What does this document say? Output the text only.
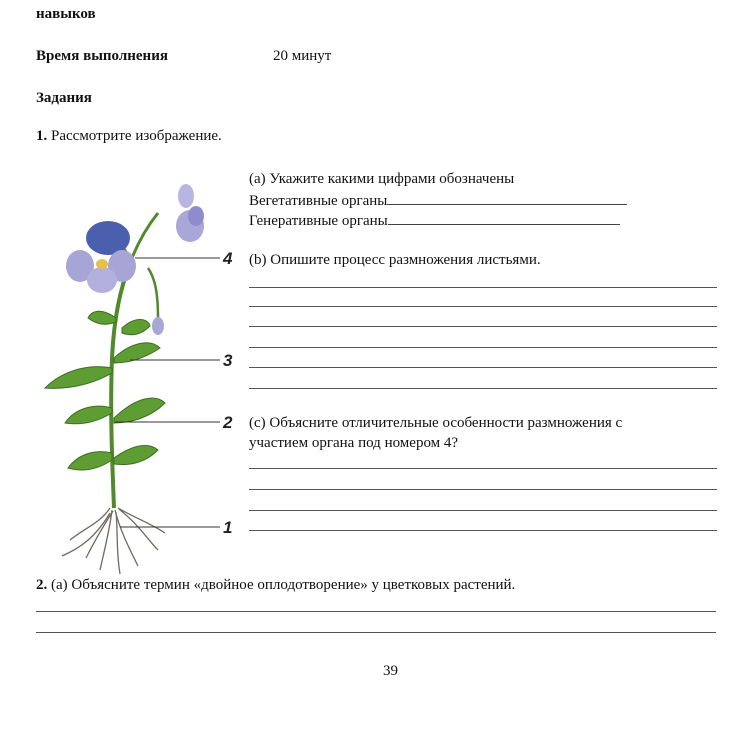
навыков
Время выполнения	20 минут
Задания
1. Рассмотрите изображение.
4
3
2
1
(a) Укажите какими цифрами обозначены
Вегетативные органы
Генеративные органы
(b) Опишите процесс размножения листьями.
(c) Объясните отличительные особенности размножения с
участием органа под номером 4?
2. (a) Объясните термин «двойное оплодотворение» у цветковых растений.
39
